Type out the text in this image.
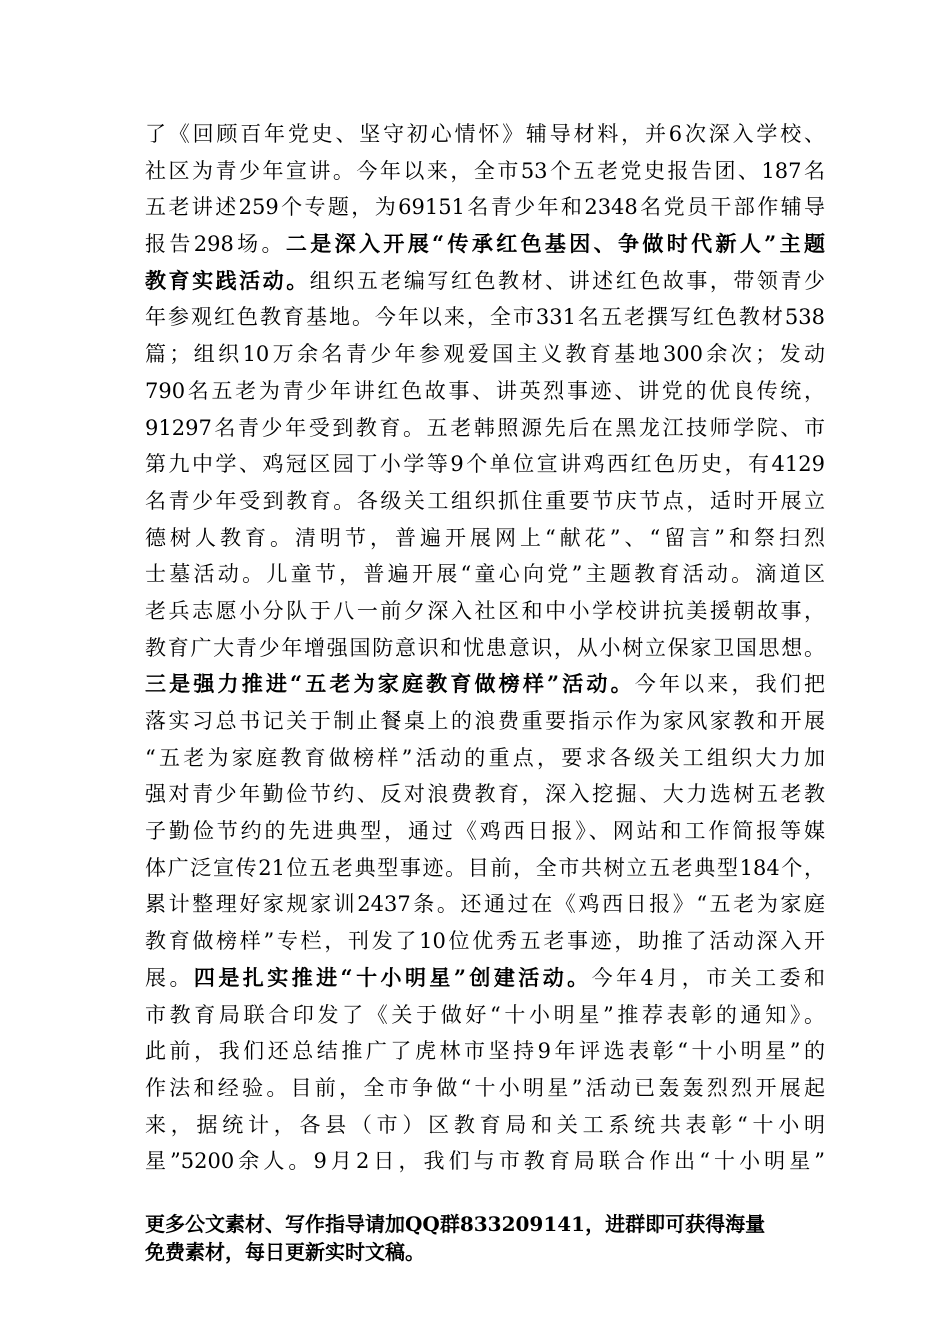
了《回顾百年党史、坚守初心情怀》辅导材料，并6次深入学校、
社区为青少年宣讲。今年以来，全市53个五老党史报告团、187名
五老讲述259个专题，为69151名青少年和2348名党员干部作辅导
报告298场。二是深入开展“传承红色基因、争做时代新人”主题
教育实践活动。组织五老编写红色教材、讲述红色故事，带领青少
年参观红色教育基地。今年以来，全市331名五老撰写红色教材538
篇；组织10万余名青少年参观爱国主义教育基地300余次；发动
790名五老为青少年讲红色故事、讲英烈事迹、讲党的优良传统，
91297名青少年受到教育。五老韩照源先后在黑龙江技师学院、市
第九中学、鸡冠区园丁小学等9个单位宣讲鸡西红色历史，有4129
名青少年受到教育。各级关工组织抓住重要节庆节点，适时开展立
德树人教育。清明节，普遍开展网上“献花”、“留言”和祭扫烈
士墓活动。儿童节，普遍开展“童心向党”主题教育活动。滴道区
老兵志愿小分队于八一前夕深入社区和中小学校讲抗美援朝故事，
教育广大青少年增强国防意识和忧患意识，从小树立保家卫国思想。
三是强力推进“五老为家庭教育做榜样”活动。今年以来，我们把
落实习总书记关于制止餐桌上的浪费重要指示作为家风家教和开展
“五老为家庭教育做榜样”活动的重点，要求各级关工组织大力加
强对青少年勤俭节约、反对浪费教育，深入挖掘、大力选树五老教
子勤俭节约的先进典型，通过《鸡西日报》、网站和工作简报等媒
体广泛宣传21位五老典型事迹。目前，全市共树立五老典型184个，
累计整理好家规家训2437条。还通过在《鸡西日报》“五老为家庭
教育做榜样”专栏，刊发了10位优秀五老事迹，助推了活动深入开
展。四是扎实推进“十小明星”创建活动。今年4月，市关工委和
市教育局联合印发了《关于做好“十小明星”推荐表彰的通知》。
此前，我们还总结推广了虎林市坚持9年评选表彰“十小明星”的
作法和经验。目前，全市争做“十小明星”活动已轰轰烈烈开展起
来，据统计，各县（市）区教育局和关工系统共表彰“十小明
星”5200余人。9月2日，我们与市教育局联合作出“十小明星”
更多公文素材、写作指导请加QQ群833209141，进群即可获得海量
免费素材，每日更新实时文稿。
